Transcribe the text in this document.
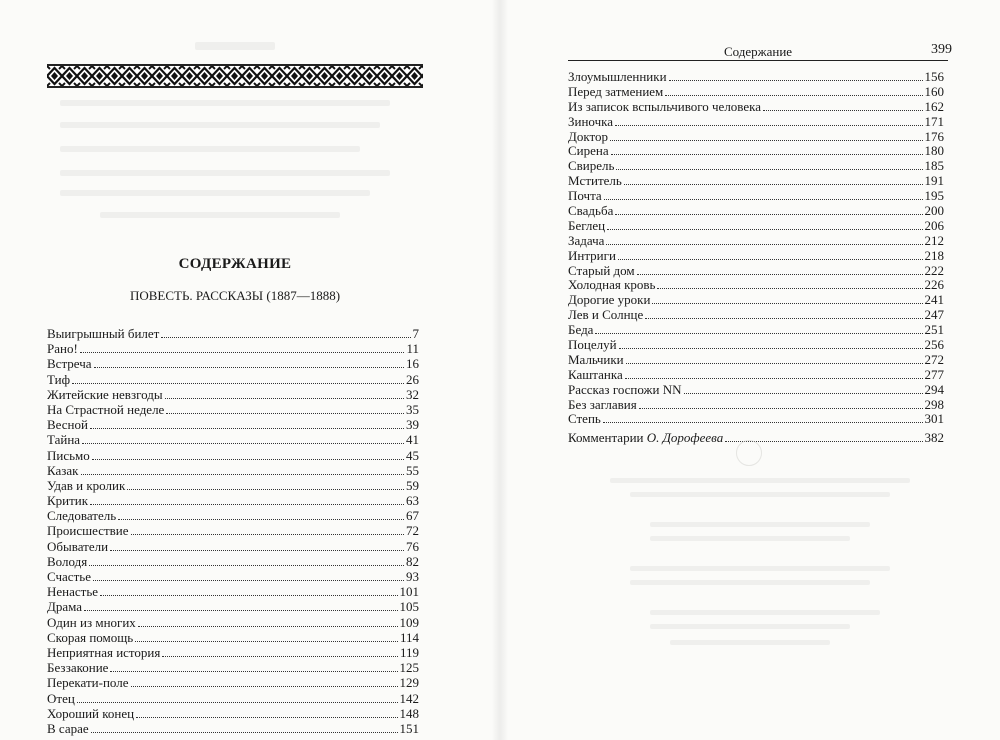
СОДЕРЖАНИЕ
ПОВЕСТЬ. РАССКАЗЫ (1887—1888)
Выигрышный билет	7
Рано!	11
Встреча	16
Тиф	26
Житейские невзгоды	32
На Страстной неделе	35
Весной	39
Тайна	41
Письмо	45
Казак	55
Удав и кролик	59
Критик	63
Следователь	67
Происшествие	72
Обыватели	76
Володя	82
Счастье	93
Ненастье	101
Драма	105
Один из многих	109
Скорая помощь	114
Неприятная история	119
Беззаконие	125
Перекати-поле	129
Отец	142
Хороший конец	148
В сарае	151
Содержание	399
Злоумышленники	156
Перед затмением	160
Из записок вспыльчивого человека	162
Зиночка	171
Доктор	176
Сирена	180
Свирель	185
Мститель	191
Почта	195
Свадьба	200
Беглец	206
Задача	212
Интриги	218
Старый дом	222
Холодная кровь	226
Дорогие уроки	241
Лев и Солнце	247
Беда	251
Поцелуй	256
Мальчики	272
Каштанка	277
Рассказ госпожи NN	294
Без заглавия	298
Степь	301
Комментарии О. Дорофеева	382
